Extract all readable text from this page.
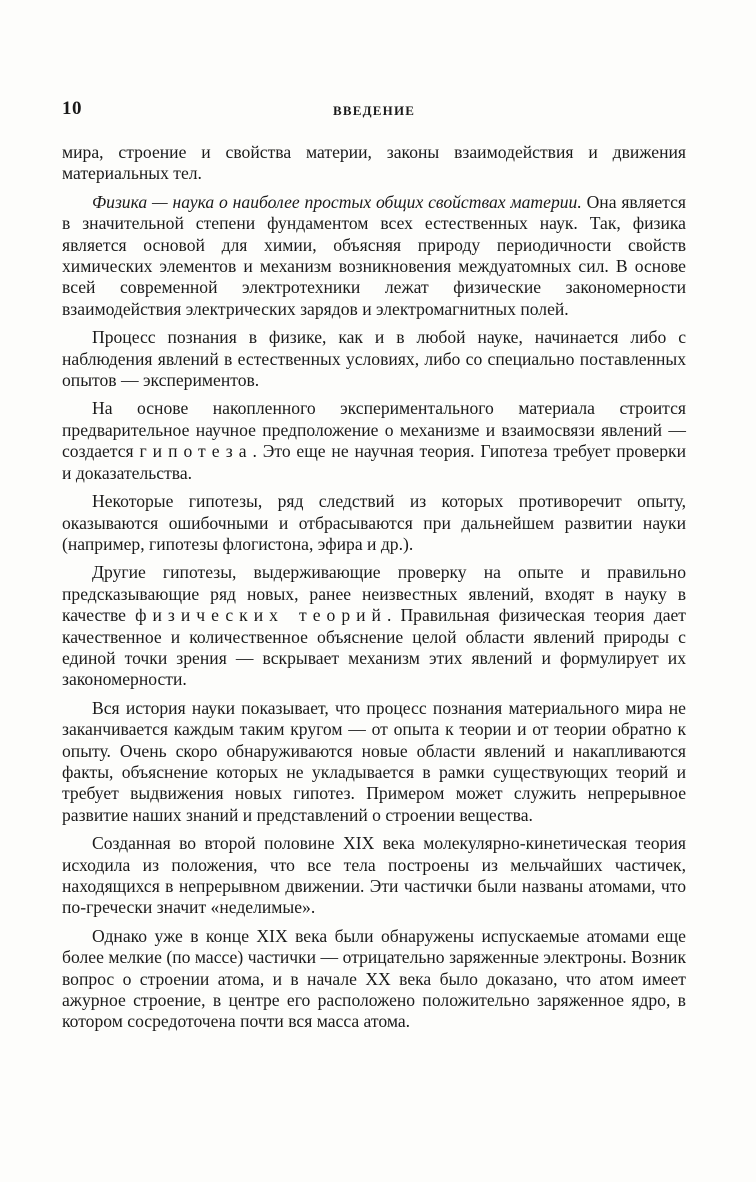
10	ВВЕДЕНИЕ

мира, строение и свойства материи, законы взаимодействия и движения материальных тел.

Физика — наука о наиболее простых общих свойствах материи. Она является в значительной степени фундаментом всех естественных наук. Так, физика является основой для химии, объясняя природу периодичности свойств химических элементов и механизм возникновения междуатомных сил. В основе всей современной электротехники лежат физические закономерности взаимодействия электрических зарядов и электромагнитных полей.

Процесс познания в физике, как и в любой науке, начинается либо с наблюдения явлений в естественных условиях, либо со специально поставленных опытов — экспериментов.

На основе накопленного экспериментального материала строится предварительное научное предположение о механизме и взаимосвязи явлений — создается гипотеза. Это еще не научная теория. Гипотеза требует проверки и доказательства.

Некоторые гипотезы, ряд следствий из которых противоречит опыту, оказываются ошибочными и отбрасываются при дальнейшем развитии науки (например, гипотезы флогистона, эфира и др.).

Другие гипотезы, выдерживающие проверку на опыте и правильно предсказывающие ряд новых, ранее неизвестных явлений, входят в науку в качестве физических теорий. Правильная физическая теория дает качественное и количественное объяснение целой области явлений природы с единой точки зрения — вскрывает механизм этих явлений и формулирует их закономерности.

Вся история науки показывает, что процесс познания материального мира не заканчивается каждым таким кругом — от опыта к теории и от теории обратно к опыту. Очень скоро обнаруживаются новые области явлений и накапливаются факты, объяснение которых не укладывается в рамки существующих теорий и требует выдвижения новых гипотез. Примером может служить непрерывное развитие наших знаний и представлений о строении вещества.

Созданная во второй половине XIX века молекулярно-кинетическая теория исходила из положения, что все тела построены из мельчайших частичек, находящихся в непрерывном движении. Эти частички были названы атомами, что по-гречески значит «неделимые».

Однако уже в конце XIX века были обнаружены испускаемые атомами еще более мелкие (по массе) частички — отрицательно заряженные электроны. Возник вопрос о строении атома, и в начале XX века было доказано, что атом имеет ажурное строение, в центре его расположено положительно заряженное ядро, в котором сосредоточена почти вся масса атома.
